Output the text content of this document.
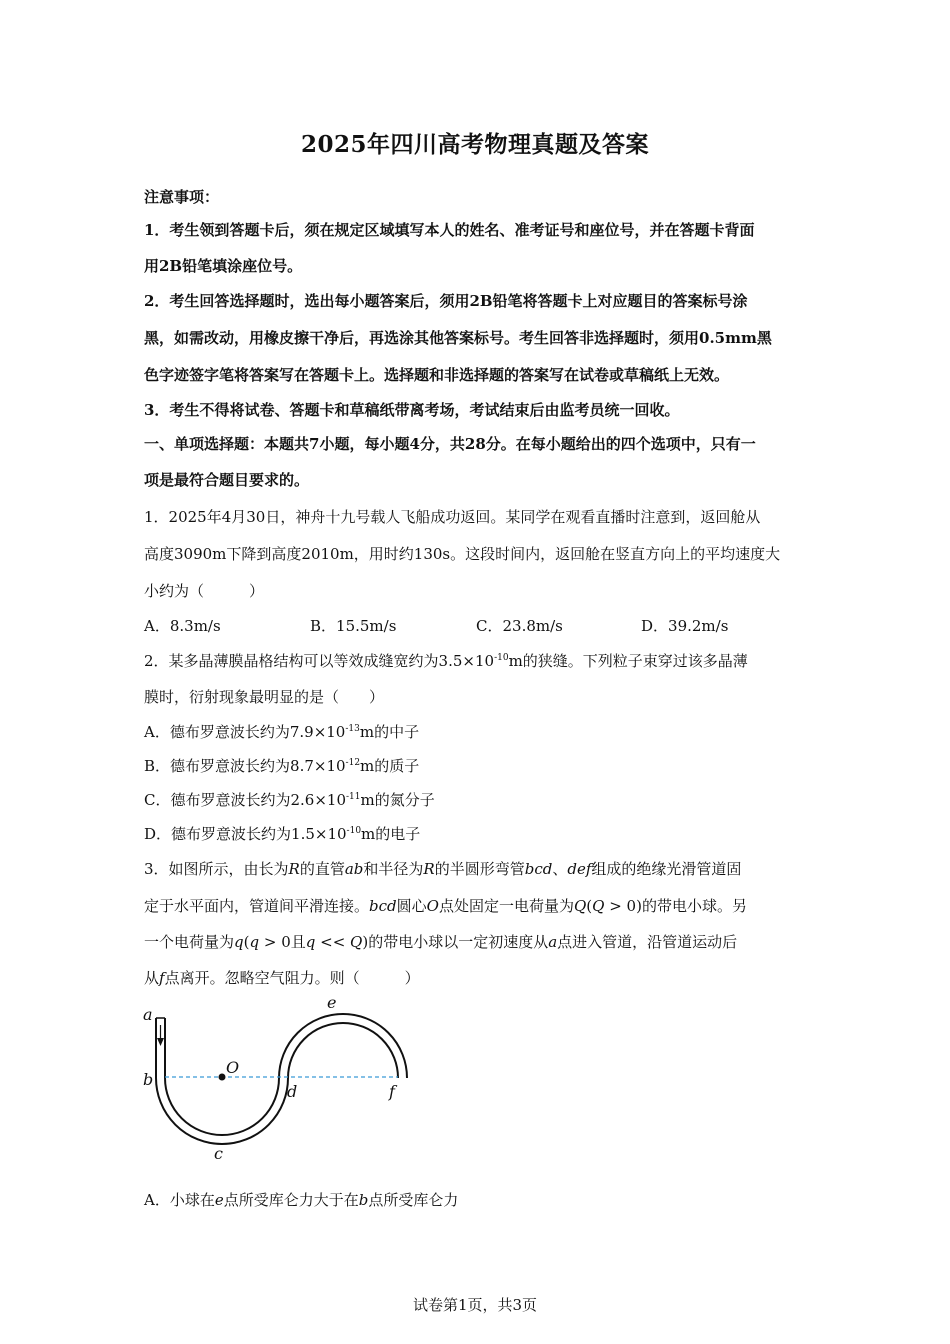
2025年四川高考物理真题及答案
注意事项：
1．考生领到答题卡后，须在规定区域填写本人的姓名、准考证号和座位号，并在答题卡背面
用2B铅笔填涂座位号。
2．考生回答选择题时，选出每小题答案后，须用2B铅笔将答题卡上对应题目的答案标号涂
黑，如需改动，用橡皮擦干净后，再选涂其他答案标号。考生回答非选择题时，须用0.5mm黑
色字迹签字笔将答案写在答题卡上。选择题和非选择题的答案写在试卷或草稿纸上无效。
3．考生不得将试卷、答题卡和草稿纸带离考场，考试结束后由监考员统一回收。
一、单项选择题：本题共7小题，每小题4分，共28分。在每小题给出的四个选项中，只有一
项是最符合题目要求的。
1．2025年4月30日，神舟十九号载人飞船成功返回。某同学在观看直播时注意到，返回舱从
高度3090m下降到高度2010m，用时约130s。这段时间内，返回舱在竖直方向上的平均速度大
小约为（　　　）
A．8.3m/s	B．15.5m/s	C．23.8m/s	D．39.2m/s
2．某多晶薄膜晶格结构可以等效成缝宽约为$3.5\times 10^{-10}m$的狭缝。下列粒子束穿过该多晶薄
膜时，衍射现象最明显的是（　　）
A．德布罗意波长约为$7.9\times 10^{-13}m$的中子
B．德布罗意波长约为$8.7\times 10^{-12}m$的质子
C．德布罗意波长约为$2.6\times 10^{-11}m$的氮分子
D．德布罗意波长约为$1.5\times 10^{-10}m$的电子
3．如图所示，由长为R的直管ab和半径为R的半圆形弯管bcd、def组成的绝缘光滑管道固
定于水平面内，管道间平滑连接。bcd圆心O点处固定一电荷量为Q(Q > 0)的带电小球。另
一个电荷量为q(q > 0且q << Q)的带电小球以一定初速度从a点进入管道，沿管道运动后
从f点离开。忽略空气阻力。则（　　　）
a
b
c
d
e
f
O
A．小球在e点所受库仑力大于在b点所受库仑力
试卷第1页，共3页
